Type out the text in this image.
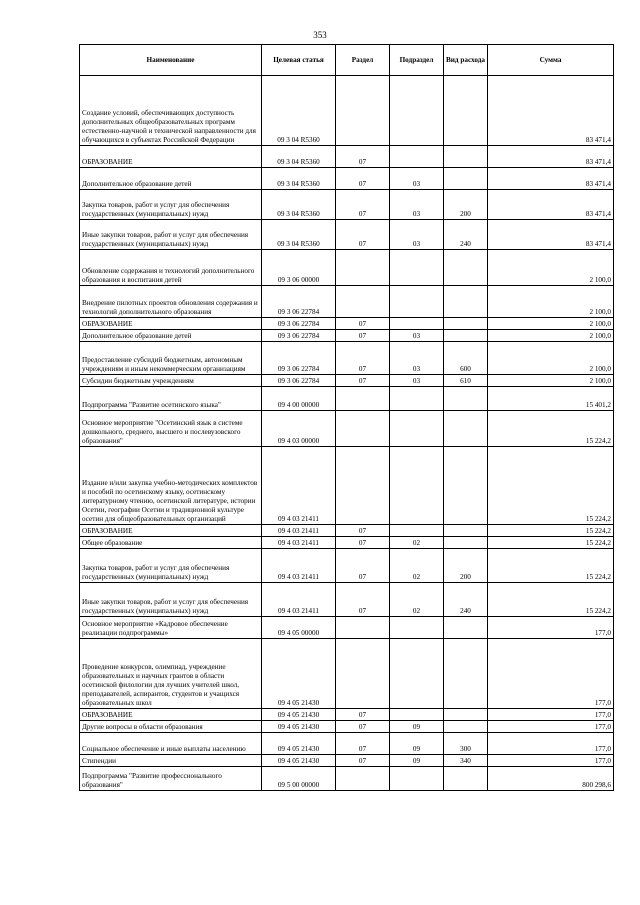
353
Наименование	Целевая статья	Раздел	Подраздел	Вид расхода	Сумма
Создание условий, обеспечивающих доступность дополнительных общеобразовательных программ естественно-научной и технической направленности для обучающихся в субъектах Российской Федерации	09 3 04 R5360				83 471,4
ОБРАЗОВАНИЕ	09 3 04 R5360	07			83 471,4
Дополнительное образование детей	09 3 04 R5360	07	03		83 471,4
Закупка товаров, работ и услуг для обеспечения государственных (муниципальных) нужд	09 3 04 R5360	07	03	200	83 471,4
Иные закупки товаров, работ и услуг для обеспечения государственных (муниципальных) нужд	09 3 04 R5360	07	03	240	83 471,4
Обновление содержания и технологий дополнительного образования и воспитания детей	09 3 06 00000				2 100,0
Внедрение пилотных проектов обновления содержания и технологий дополнительного образования	09 3 06 22784				2 100,0
ОБРАЗОВАНИЕ	09 3 06 22784	07			2 100,0
Дополнительное образование детей	09 3 06 22784	07	03		2 100,0
Предоставление субсидий бюджетным, автономным учреждениям и иным некоммерческим организациям	09 3 06 22784	07	03	600	2 100,0
Субсидии бюджетным учреждениям	09 3 06 22784	07	03	610	2 100,0
Подпрограмма "Развитие осетинского языка"	09 4 00 00000				15 401,2
Основное мероприятие "Осетинский язык в системе дошкольного, среднего, высшего и послевузовского образования"	09 4 03 00000				15 224,2
Издание и/или закупка учебно-методических комплектов и пособий по осетинскому языку, осетинскому литературному чтению, осетинской литературе, истории Осетии, географии Осетии и традиционной культуре осетин для общеобразовательных организаций	09 4 03 21411				15 224,2
ОБРАЗОВАНИЕ	09 4 03 21411	07			15 224,2
Общее образование	09 4 03 21411	07	02		15 224,2
Закупка товаров, работ и услуг для обеспечения государственных (муниципальных) нужд	09 4 03 21411	07	02	200	15 224,2
Иные закупки товаров, работ и услуг для обеспечения государственных (муниципальных) нужд	09 4 03 21411	07	02	240	15 224,2
Основное мероприятие «Кадровое обеспечение реализации подпрограммы»	09 4 05 00000				177,0
Проведение конкурсов, олимпиад, учреждение образовательных и научных грантов в области осетинской филологии для лучших учителей школ, преподавателей, аспирантов, студентов и учащихся образовательных школ	09 4 05 21430				177,0
ОБРАЗОВАНИЕ	09 4 05 21430	07			177,0
Другие вопросы в области образования	09 4 05 21430	07	09		177,0
Социальное обеспечение и иные выплаты населению	09 4 05 21430	07	09	300	177,0
Стипендии	09 4 05 21430	07	09	340	177,0
Подпрограмма "Развитие профессионального образования"	09 5 00 00000				800 298,6
